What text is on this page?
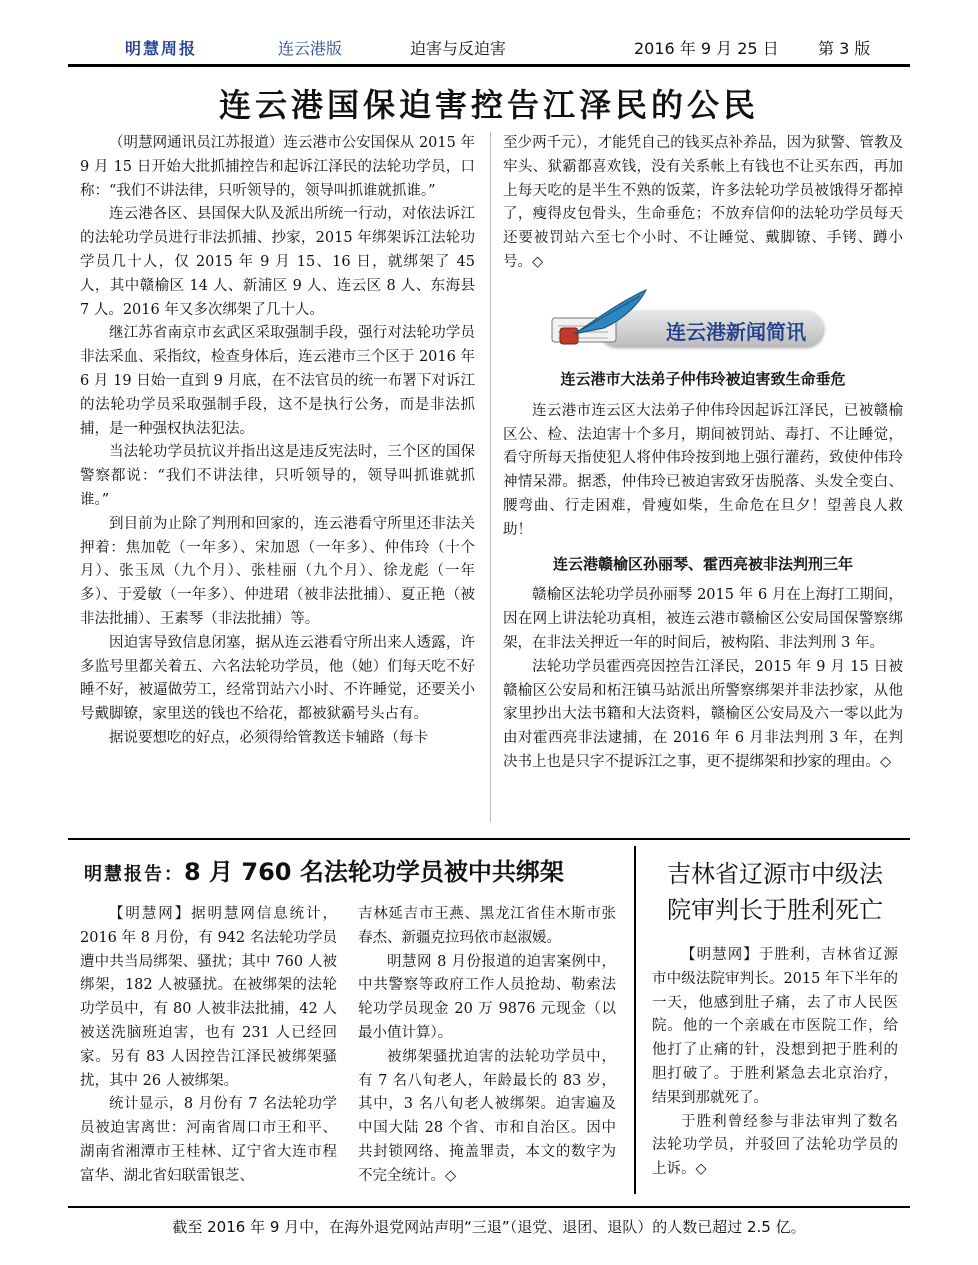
明慧周报	连云港版	迫害与反迫害	2016 年 9 月 25 日 第 3 版
连云港国保迫害控告江泽民的公民

（明慧网通讯员江苏报道）连云港市公安国保从 2015 年 9 月 15 日开始大批抓捕控告和起诉江泽民的法轮功学员，口称：“我们不讲法律，只听领导的，领导叫抓谁就抓谁。”

连云港各区、县国保大队及派出所统一行动，对依法诉江的法轮功学员进行非法抓捕、抄家，2015 年绑架诉江法轮功学员几十人，仅 2015 年 9 月 15、16 日，就绑架了 45 人，其中赣榆区 14 人、新浦区 9 人、连云区 8 人、东海县 7 人。2016 年又多次绑架了几十人。

继江苏省南京市玄武区采取强制手段，强行对法轮功学员非法采血、采指纹，检查身体后，连云港市三个区于 2016 年 6 月 19 日始一直到 9 月底，在不法官员的统一布署下对诉江的法轮功学员采取强制手段，这不是执行公务，而是非法抓捕，是一种强权执法犯法。

当法轮功学员抗议并指出这是违反宪法时，三个区的国保警察都说：“我们不讲法律，只听领导的，领导叫抓谁就抓谁。”

到目前为止除了判刑和回家的，连云港看守所里还非法关押着：焦加乾（一年多）、宋加恩（一年多）、仲伟玲（十个月）、张玉凤（九个月）、张桂丽（九个月）、徐龙彪（一年多）、于爱敏（一年多）、仲进珺（被非法批捕）、夏正艳（被非法批捕）、王素琴（非法批捕）等。

因迫害导致信息闭塞，据从连云港看守所出来人透露，许多监号里都关着五、六名法轮功学员，他（她）们每天吃不好睡不好，被逼做劳工，经常罚站六小时、不许睡觉，还要关小号戴脚镣，家里送的钱也不给花，都被狱霸号头占有。

据说要想吃的好点，必须得给管教送卡辅路（每卡

至少两千元），才能凭自己的钱买点补养品，因为狱警、管教及牢头、狱霸都喜欢钱，没有关系帐上有钱也不让买东西，再加上每天吃的是半生不熟的饭菜，许多法轮功学员被饿得牙都掉了，瘦得皮包骨头，生命垂危；不放弃信仰的法轮功学员每天还要被罚站六至七个小时、不让睡觉、戴脚镣、手铐、蹲小号。◇

连云港新闻简讯
连云港市大法弟子仲伟玲被迫害致生命垂危

连云港市连云区大法弟子仲伟玲因起诉江泽民，已被赣榆区公、检、法迫害十个多月，期间被罚站、毒打、不让睡觉，看守所每天指使犯人将仲伟玲按到地上强行灌药，致使仲伟玲神情呆滞。据悉，仲伟玲已被迫害致牙齿脱落、头发全变白、腰弯曲、行走困难，骨瘦如柴，生命危在旦夕！望善良人救助！

连云港赣榆区孙丽琴、霍西亮被非法判刑三年

赣榆区法轮功学员孙丽琴 2015 年 6 月在上海打工期间，因在网上讲法轮功真相，被连云港市赣榆区公安局国保警察绑架，在非法关押近一年的时间后，被构陷、非法判刑 3 年。

法轮功学员霍西亮因控告江泽民，2015 年 9 月 15 日被赣榆区公安局和柘汪镇马站派出所警察绑架并非法抄家，从他家里抄出大法书籍和大法资料，赣榆区公安局及六一零以此为由对霍西亮非法逮捕，在 2016 年 6 月非法判刑 3 年，在判决书上也是只字不提诉江之事，更不提绑架和抄家的理由。◇

明慧报告：8 月 760 名法轮功学员被中共绑架

【明慧网】据明慧网信息统计，2016 年 8 月份，有 942 名法轮功学员遭中共当局绑架、骚扰；其中 760 人被绑架，182 人被骚扰。在被绑架的法轮功学员中，有 80 人被非法批捕，42 人被送洗脑班迫害，也有 231 人已经回家。另有 83 人因控告江泽民被绑架骚扰，其中 26 人被绑架。

统计显示，8 月份有 7 名法轮功学员被迫害离世：河南省周口市王和平、湖南省湘潭市王桂林、辽宁省大连市程富华、湖北省妇联雷银芝、

吉林延吉市王燕、黑龙江省佳木斯市张春杰、新疆克拉玛依市赵淑媛。

明慧网 8 月份报道的迫害案例中，中共警察等政府工作人员抢劫、勒索法轮功学员现金 20 万 9876 元现金（以最小值计算）。

被绑架骚扰迫害的法轮功学员中，有 7 名八旬老人，年龄最长的 83 岁，其中，3 名八旬老人被绑架。迫害遍及中国大陆 28 个省、市和自治区。因中共封锁网络、掩盖罪责，本文的数字为不完全统计。◇

吉林省辽源市中级法
院审判长于胜利死亡

【明慧网】于胜利，吉林省辽源市中级法院审判长。2015 年下半年的一天，他感到肚子痛，去了市人民医院。他的一个亲戚在市医院工作，给他打了止痛的针，没想到把于胜利的胆打破了。于胜利紧急去北京治疗，结果到那就死了。

于胜利曾经参与非法审判了数名法轮功学员，并驳回了法轮功学员的上诉。◇

截至 2016 年 9 月中，在海外退党网站声明“三退”（退党、退团、退队）的人数已超过 2.5 亿。
